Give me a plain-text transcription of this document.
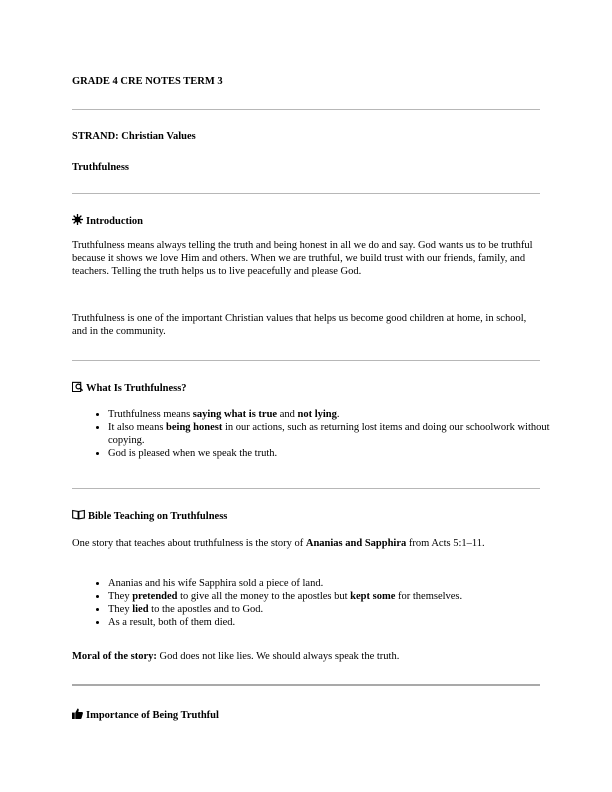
GRADE 4 CRE NOTES TERM 3
STRAND: Christian Values
Truthfulness
Introduction

Truthfulness means always telling the truth and being honest in all we do and say. God wants us to be truthful because it shows we love Him and others. When we are truthful, we build trust with our friends, family, and teachers. Telling the truth helps us to live peacefully and please God.

Truthfulness is one of the important Christian values that helps us become good children at home, in school, and in the community.

What Is Truthfulness?
• Truthfulness means saying what is true and not lying.
• It also means being honest in our actions, such as returning lost items and doing our schoolwork without copying.
• God is pleased when we speak the truth.
Bible Teaching on Truthfulness

One story that teaches about truthfulness is the story of Ananias and Sapphira from Acts 5:1–11.

• Ananias and his wife Sapphira sold a piece of land.
• They pretended to give all the money to the apostles but kept some for themselves.
• They lied to the apostles and to God.
• As a result, both of them died.

Moral of the story: God does not like lies. We should always speak the truth.

Importance of Being Truthful
